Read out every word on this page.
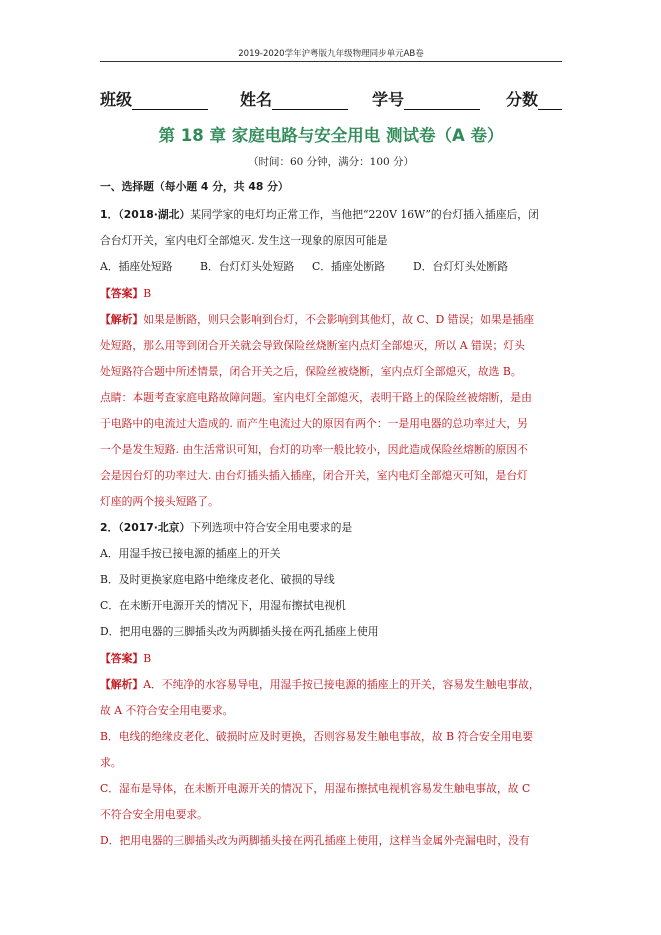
2019-2020学年沪粤版九年级物理同步单元AB卷
班级	姓名	学号	分数
第 18 章 家庭电路与安全用电 测试卷（A 卷）
（时间：60 分钟，满分：100 分）
一、选择题（每小题 4 分，共 48 分）
1．（2018·湖北）某同学家的电灯均正常工作，当他把“220V 16W”的台灯插入插座后，闭
合台灯开关，室内电灯全部熄灭. 发生这一现象的原因可能是
A．插座处短路	B．台灯灯头处短路 C．插座处断路	D．台灯灯头处断路
【答案】B
【解析】如果是断路，则只会影响到台灯，不会影响到其他灯，故 C、D 错误；如果是插座
处短路，那么用等到闭合开关就会导致保险丝烧断室内点灯全部熄灭，所以 A 错误；灯头
处短路符合题中所述情景，闭合开关之后，保险丝被烧断，室内点灯全部熄灭，故选 B。
点睛：本题考查家庭电路故障问题。室内电灯全部熄灭，表明干路上的保险丝被熔断，是由
于电路中的电流过大造成的. 而产生电流过大的原因有两个：一是用电器的总功率过大，另
一个是发生短路. 由生活常识可知，台灯的功率一般比较小，因此造成保险丝熔断的原因不
会是因台灯的功率过大. 由台灯插头插入插座，闭合开关，室内电灯全部熄灭可知，是台灯
灯座的两个接头短路了。
2．（2017·北京）下列选项中符合安全用电要求的是
A．用湿手按已接电源的插座上的开关
B．及时更换家庭电路中绝缘皮老化、破损的导线
C．在未断开电源开关的情况下，用湿布擦拭电视机
D．把用电器的三脚插头改为两脚插头接在两孔插座上使用
【答案】B
【解析】A．不纯净的水容易导电，用湿手按已接电源的插座上的开关，容易发生触电事故，
故 A 不符合安全用电要求。
B．电线的绝缘皮老化、破损时应及时更换，否则容易发生触电事故，故 B 符合安全用电要
求。
C．湿布是导体，在未断开电源开关的情况下，用湿布擦拭电视机容易发生触电事故，故 C
不符合安全用电要求。
D．把用电器的三脚插头改为两脚插头接在两孔插座上使用，这样当金属外壳漏电时，没有
